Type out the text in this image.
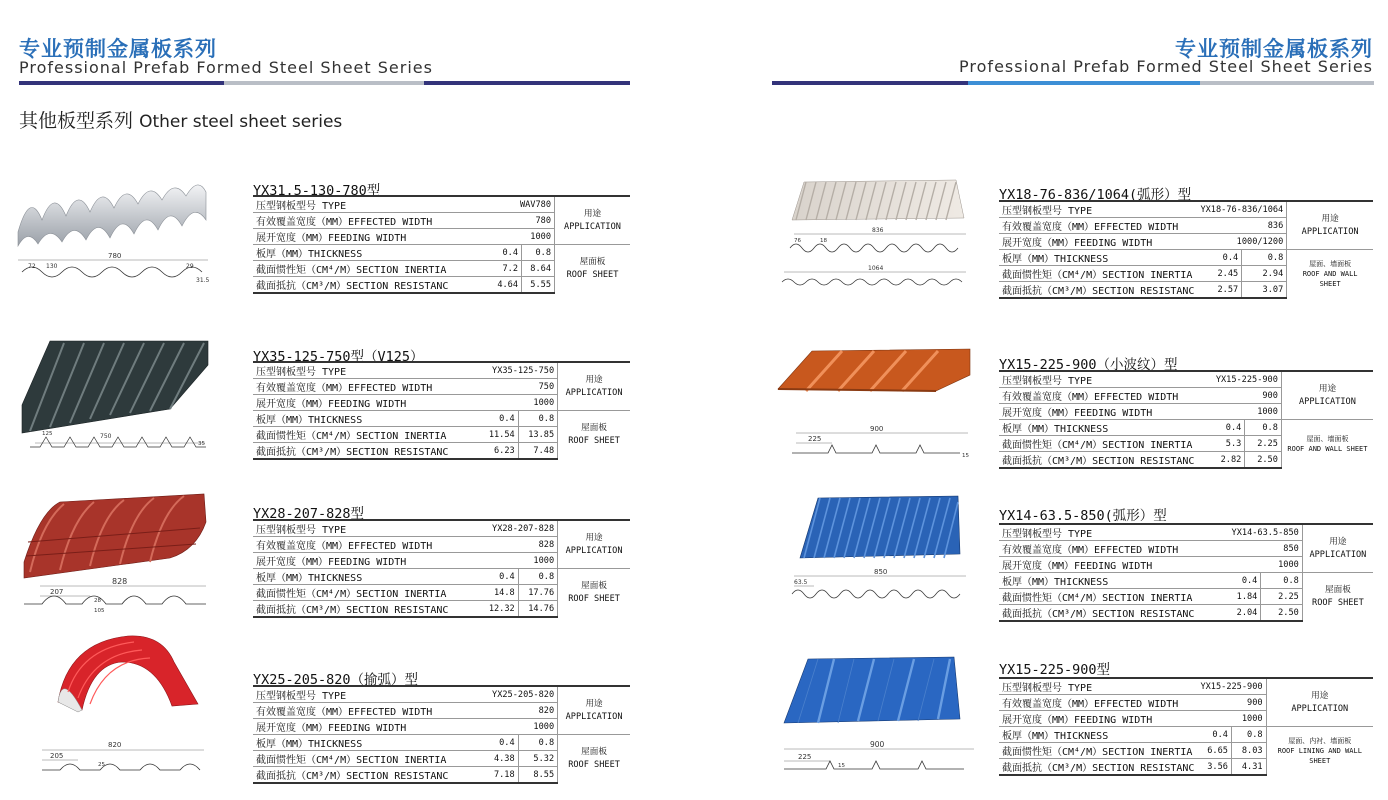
专业预制金属板系列
Professional Prefab Formed Steel Sheet Series
专业预制金属板系列
Professional Prefab Formed Steel Sheet Series
其他板型系列 Other steel sheet series
780
72 130	29
31.5
YX31.5-130-780型
压型钢板型号 TYPE	WAV780		用途
APPLICATION
有效覆盖宽度（MM）EFFECTED WIDTH	780		
展开宽度（MM）FEEDING WIDTH	1000		
板厚（MM）THICKNESS	0.4	0.8	屋面板
ROOF SHEET
截面惯性矩（CM⁴/M）SECTION INERTIA	7.2	8.64	
截面抵抗（CM³/M）SECTION RESISTANC	4.64	5.55	
750
125
35
YX35-125-750型（V125）
压型钢板型号 TYPE	YX35-125-750		用途
APPLICATION
有效覆盖宽度（MM）EFFECTED WIDTH	750		
展开宽度（MM）FEEDING WIDTH	1000		
板厚（MM）THICKNESS	0.4	0.8	屋面板
ROOF SHEET
截面惯性矩（CM⁴/M）SECTION INERTIA	11.54	13.85	
截面抵抗（CM³/M）SECTION RESISTANC	6.23	7.48	
828
207
28
105
YX28-207-828型
压型钢板型号 TYPE	YX28-207-828		用途
APPLICATION
有效覆盖宽度（MM）EFFECTED WIDTH	828		
展开宽度（MM）FEEDING WIDTH	1000		
板厚（MM）THICKNESS	0.4	0.8	屋面板
ROOF SHEET
截面惯性矩（CM⁴/M）SECTION INERTIA	14.8	17.76	
截面抵抗（CM³/M）SECTION RESISTANC	12.32	14.76	
820
205
25
YX25-205-820（揄弧）型
压型钢板型号 TYPE	YX25-205-820		用途
APPLICATION
有效覆盖宽度（MM）EFFECTED WIDTH	820		
展开宽度（MM）FEEDING WIDTH	1000		
板厚（MM）THICKNESS	0.4	0.8	屋面板
ROOF SHEET
截面惯性矩（CM⁴/M）SECTION INERTIA	4.38	5.32	
截面抵抗（CM³/M）SECTION RESISTANC	7.18	8.55	
836
76	18
1064
YX18-76-836/1064(弧形）型
压型钢板型号 TYPE	YX18-76-836/1064		用途
APPLICATION
有效覆盖宽度（MM）EFFECTED WIDTH	836		
展开宽度（MM）FEEDING WIDTH	1000/1200		
板厚（MM）THICKNESS	0.4	0.8	屋面、墙面板
ROOF AND WALL SHEET
截面惯性矩（CM⁴/M）SECTION INERTIA	2.45	2.94	
截面抵抗（CM³/M）SECTION RESISTANC	2.57	3.07	
900
225
15
YX15-225-900（小波纹）型
压型钢板型号 TYPE	YX15-225-900		用途
APPLICATION
有效覆盖宽度（MM）EFFECTED WIDTH	900		
展开宽度（MM）FEEDING WIDTH	1000		
板厚（MM）THICKNESS	0.4	0.8	屋面、墙面板
ROOF AND WALL SHEET
截面惯性矩（CM⁴/M）SECTION INERTIA	5.3	2.25	
截面抵抗（CM³/M）SECTION RESISTANC	2.82	2.50	
850
63.5
YX14-63.5-850(弧形）型
压型钢板型号 TYPE	YX14-63.5-850		用途
APPLICATION
有效覆盖宽度（MM）EFFECTED WIDTH	850		
展开宽度（MM）FEEDING WIDTH	1000		
板厚（MM）THICKNESS	0.4	0.8	屋面板
ROOF SHEET
截面惯性矩（CM⁴/M）SECTION INERTIA	1.84	2.25	
截面抵抗（CM³/M）SECTION RESISTANC	2.04	2.50	
900
225
15
YX15-225-900型
压型钢板型号 TYPE	YX15-225-900		用途
APPLICATION
有效覆盖宽度（MM）EFFECTED WIDTH	900		
展开宽度（MM）FEEDING WIDTH	1000		
板厚（MM）THICKNESS	0.4	0.8	屋面、内衬、墙面板
ROOF LINING AND WALL SHEET
截面惯性矩（CM⁴/M）SECTION INERTIA	6.65	8.03	
截面抵抗（CM³/M）SECTION RESISTANC	3.56	4.31	
